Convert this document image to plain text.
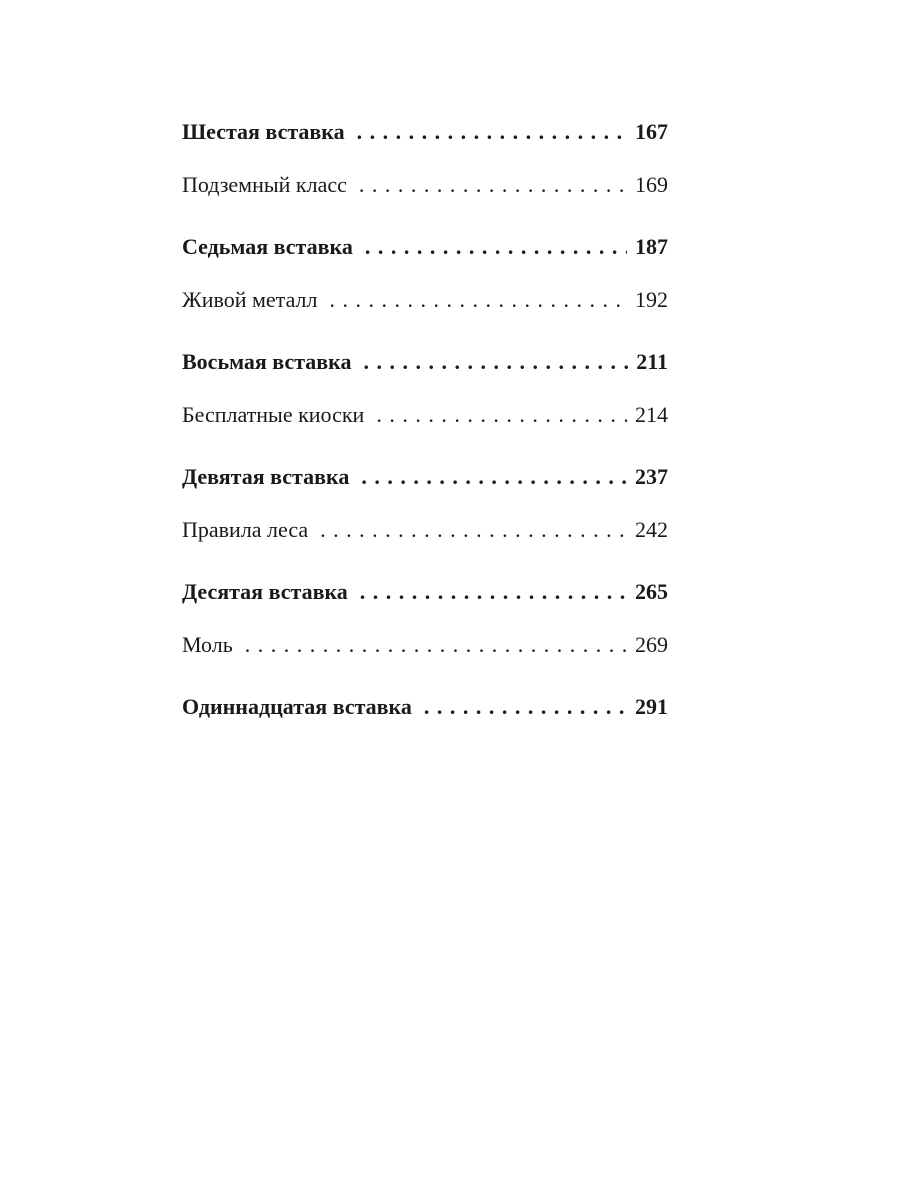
Шестая вставка . . .	167
Подземный класс . . .	169
Седьмая вставка . . .	187
Живой металл . . .	192
Восьмая вставка . . .	211
Бесплатные киоски . . .	214
Девятая вставка . . .	237
Правила леса . . .	242
Десятая вставка . . .	265
Моль . . .	269
Одиннадцатая вставка . . .	291
